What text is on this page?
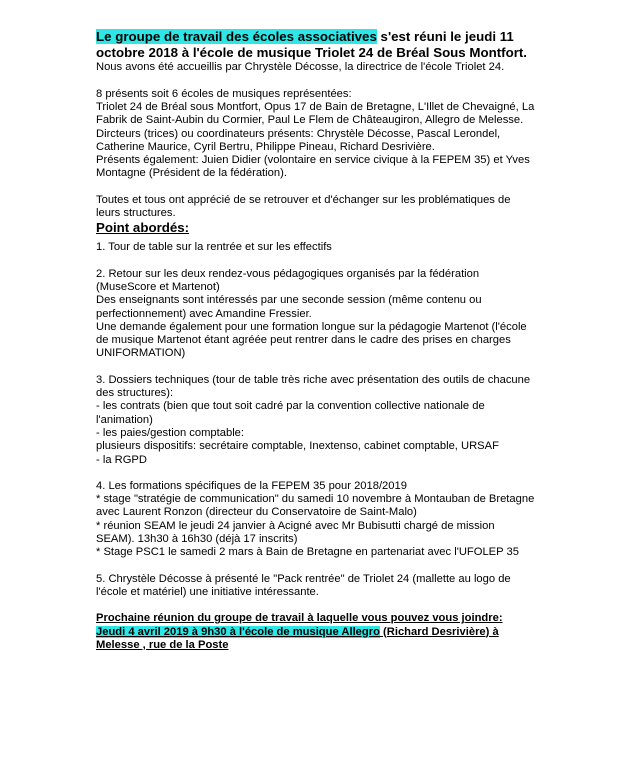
Le groupe de travail des écoles associatives s'est réuni le jeudi 11 octobre 2018 à l'école de musique Triolet 24 de Bréal Sous Montfort.

Nous avons été accueillis par Chrystèle Décosse, la directrice de l'école Triolet 24.

8 présents soit 6 écoles de musiques représentées:

Triolet 24 de Bréal sous Montfort, Opus 17 de Bain de Bretagne, L'Illet de Chevaigné, La Fabrik de Saint-Aubin du Cormier, Paul Le Flem de Châteaugiron, Allegro de Melesse.

Dircteurs (trices) ou coordinateurs présents: Chrystèle Décosse, Pascal Lerondel, Catherine Maurice, Cyril Bertru, Philippe Pineau, Richard Desrivière.

Présents également: Juien Didier (volontaire en service civique à la FEPEM 35) et Yves Montagne (Président de la fédération).

Toutes et tous ont apprécié de se retrouver et d'échanger sur les problématiques de leurs structures.

Point abordés:

1. Tour de table sur la rentrée et sur les effectifs

2. Retour sur les deux rendez-vous pédagogiques organisés par la fédération (MuseScore et Martenot)

Des enseignants sont intéressés par une seconde session (même contenu ou perfectionnement) avec Amandine Fressier.

Une demande également pour une formation longue sur la pédagogie Martenot (l'école de musique Martenot étant agréée peut rentrer dans le cadre des prises en charges UNIFORMATION)

3. Dossiers techniques (tour de table très riche avec présentation des outils de chacune des structures):

- les contrats (bien que tout soit cadré par la convention collective nationale de l'animation)

- les paies/gestion comptable:

plusieurs dispositifs: secrétaire comptable, Inextenso, cabinet comptable, URSAF

- la RGPD

4. Les formations spécifiques de la FEPEM 35 pour 2018/2019

* stage "stratégie de communication" du samedi 10 novembre à Montauban de Bretagne avec Laurent Ronzon (directeur du Conservatoire de Saint-Malo)

* réunion SEAM le jeudi 24 janvier à Acigné avec Mr Bubisutti chargé de mission SEAM). 13h30 à 16h30 (déjà 17 inscrits)

* Stage PSC1 le samedi 2 mars à Bain de Bretagne en partenariat avec l'UFOLEP 35

5. Chrystèle Décosse à présenté le "Pack rentrée" de Triolet 24 (mallette au logo de l'école et matériel) une initiative intéressante.

Prochaine réunion du groupe de travail à laquelle vous pouvez vous joindre:
Jeudi 4 avril 2019 à 9h30 à l'école de musique Allegro (Richard Desrivière) à Melesse , rue de la Poste
